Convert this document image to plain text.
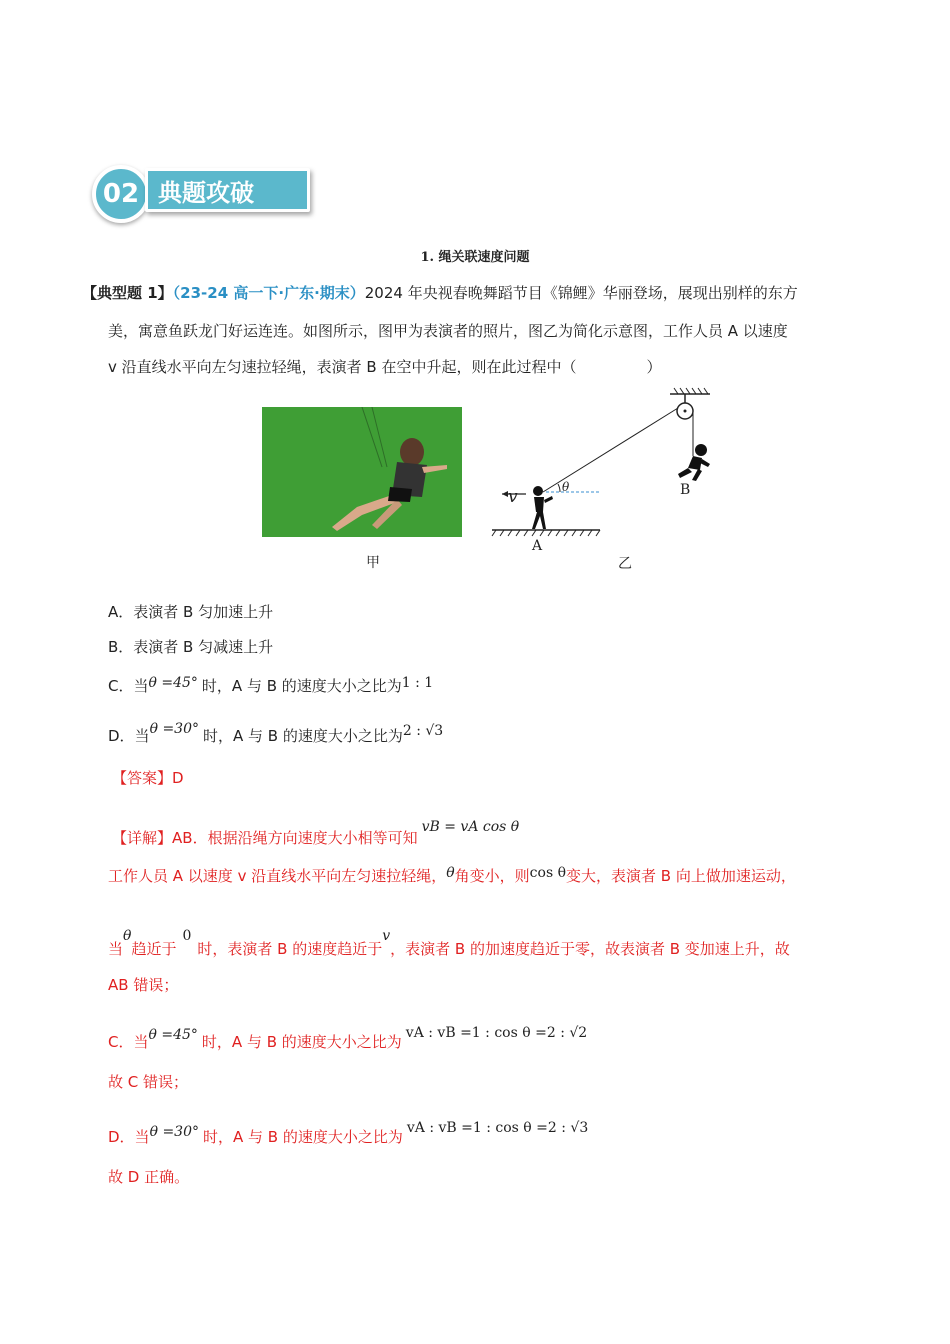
02 典题攻破
1. 绳关联速度问题
【典型题 1】（23-24 高一下·广东·期末）2024 年央视春晚舞蹈节目《锦鲤》华丽登场，展现出别样的东方
美，寓意鱼跃龙门好运连连。如图所示，图甲为表演者的照片，图乙为简化示意图，工作人员 A 以速度
v 沿直线水平向左匀速拉轻绳，表演者 B 在空中升起，则在此过程中（	）
甲
v	θ
A
B
乙
A．表演者 B 匀加速上升
B．表演者 B 匀减速上升
C．当θ =45° 时，A 与 B 的速度大小之比为1 : 1
D．当θ =30° 时，A 与 B 的速度大小之比为2 : √3
【答案】D
【详解】AB．根据沿绳方向速度大小相等可知vB = vA cos θ
工作人员 A 以速度 v 沿直线水平向左匀速拉轻绳，θ角变小，则cos θ变大，表演者 B 向上做加速运动，
当θ趋近于0时，表演者 B 的速度趋近于v，表演者 B 的加速度趋近于零，故表演者 B 变加速上升，故
AB 错误；
C．当θ =45° 时，A 与 B 的速度大小之比为 vA : vB =1 : cos θ =2 : √2
故 C 错误；
D．当θ =30° 时，A 与 B 的速度大小之比为 vA : vB =1 : cos θ =2 : √3
故 D 正确。
